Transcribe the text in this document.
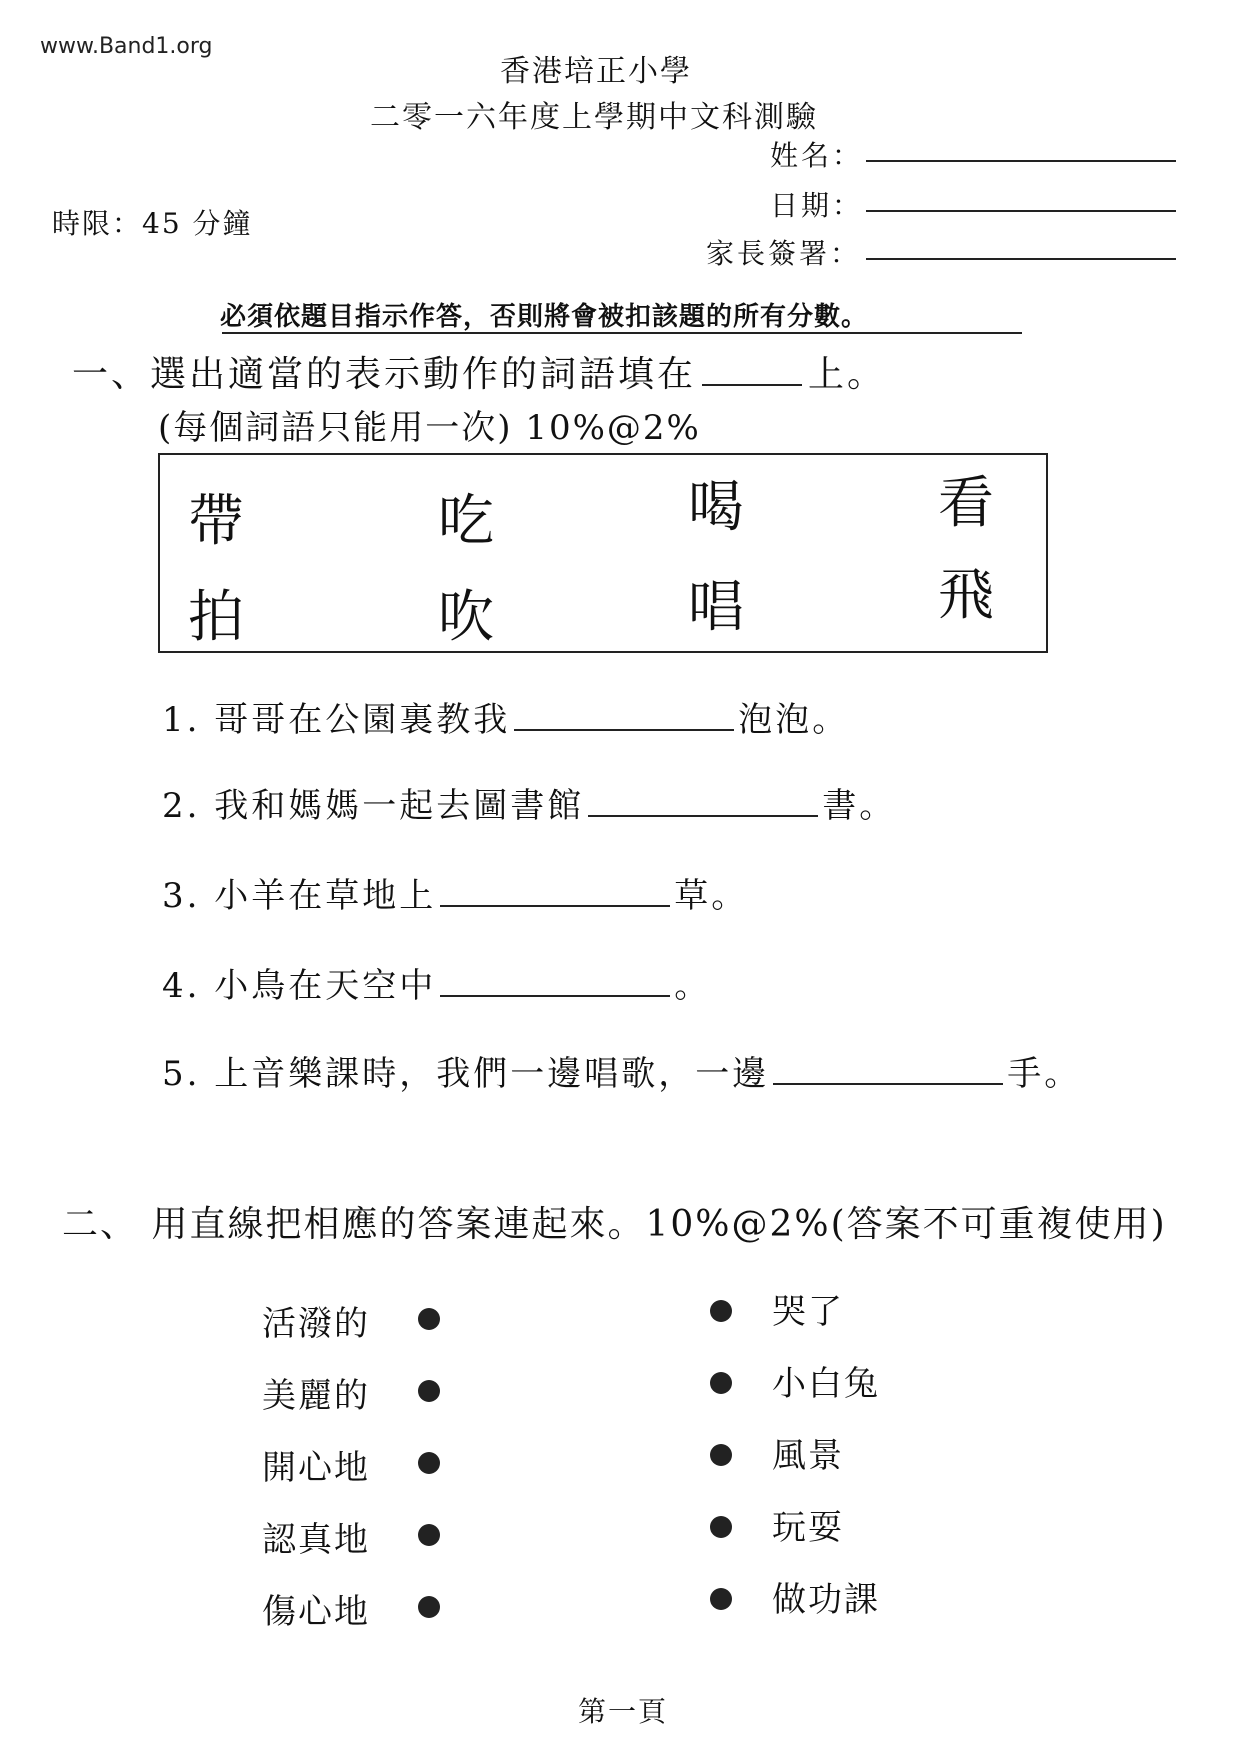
www.Band1.org
香港培正小學
二零一六年度上學期中文科測驗
姓名：
日期：
家長簽署：
時限：45 分鐘
必須依題目指示作答，否則將會被扣該題的所有分數。
一、選出適當的表示動作的詞語填在	上。
(每個詞語只能用一次) 10%@2%
帶	吃	喝	看
拍	吹	唱	飛
1. 哥哥在公園裏教我	泡泡。
2. 我和媽媽一起去圖書館	書。
3. 小羊在草地上	草。
4. 小鳥在天空中	。
5. 上音樂課時，我們一邊唱歌，一邊	手。
二、 用直線把相應的答案連起來。10%@2%(答案不可重複使用)
活潑的
美麗的
開心地
認真地
傷心地
哭了
小白兔
風景
玩耍
做功課
第一頁
